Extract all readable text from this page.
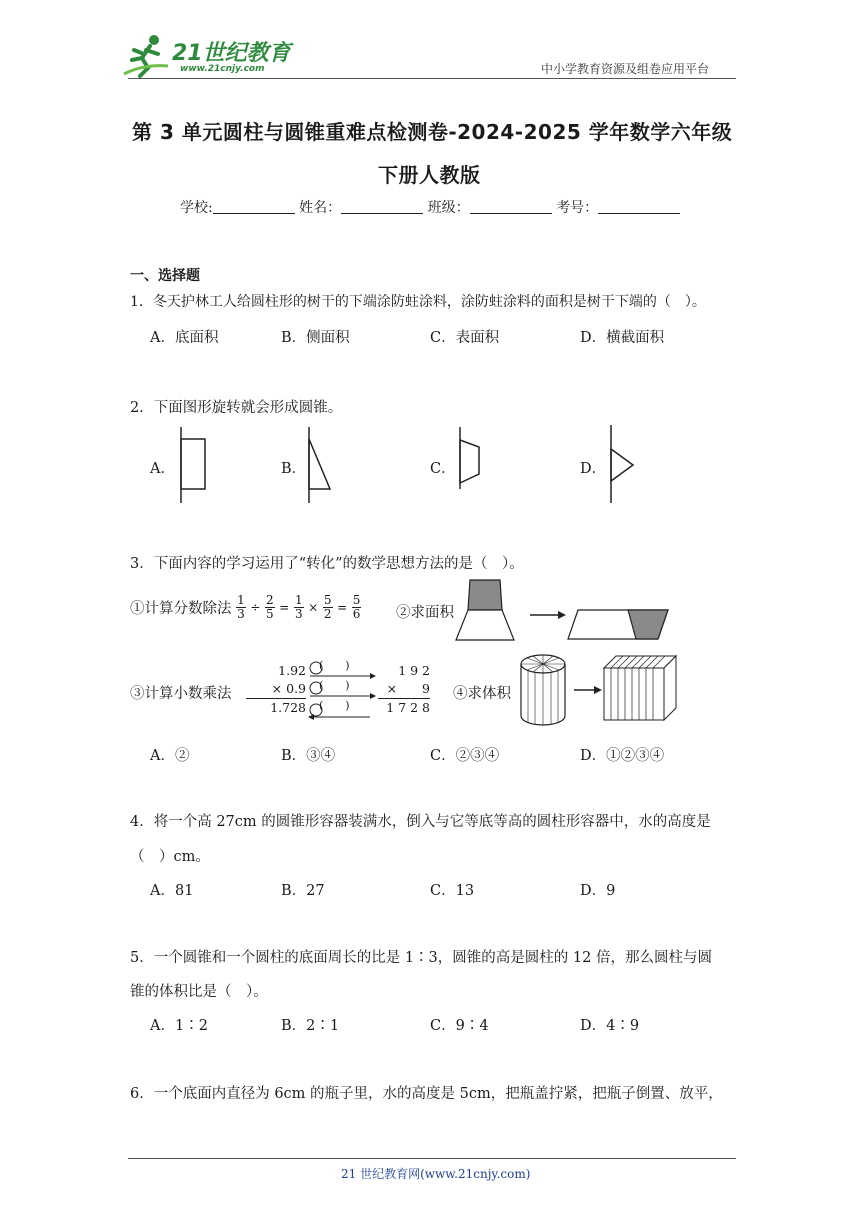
21世纪教育
www.21cnjy.com	中小学教育资源及组卷应用平台
第 3 单元圆柱与圆锥重难点检测卷-2024-2025 学年数学六年级
下册人教版
学校:	姓名：	班级：	考号：
一、选择题
1．冬天护林工人给圆柱形的树干的下端涂防蛀涂料，涂防蛀涂料的面积是树干下端的（　）。
A．底面积	B．侧面积	C．表面积	D．横截面积
2．下面图形旋转就会形成圆锥。
A．	B．	C．	D．
3．下面内容的学习运用了“转化”的数学思想方法的是（　）。
①计算分数除法 $\frac{1}{3} \div \frac{2}{5} = \frac{1}{3} \times \frac{5}{2} = \frac{5}{6}$ ②求面积
③计算小数乘法
1.92
× 0.9
1.728
(　　)
(　　)
(　　)
1 9 2
×　　9
1 7 2 8
④求体积
A．②	B．③④	C．②③④	D．①②③④
4．将一个高 27cm 的圆锥形容器装满水，倒入与它等底等高的圆柱形容器中，水的高度是
（　）cm。
A．81	B．27	C．13	D．9
5．一个圆锥和一个圆柱的底面周长的比是 1∶3，圆锥的高是圆柱的 12 倍，那么圆柱与圆
锥的体积比是（　）。
A．1∶2	B．2∶1	C．9∶4	D．4∶9
6．一个底面内直径为 6cm 的瓶子里，水的高度是 5cm，把瓶盖拧紧，把瓶子倒置、放平，
21 世纪教育网(www.21cnjy.com)
